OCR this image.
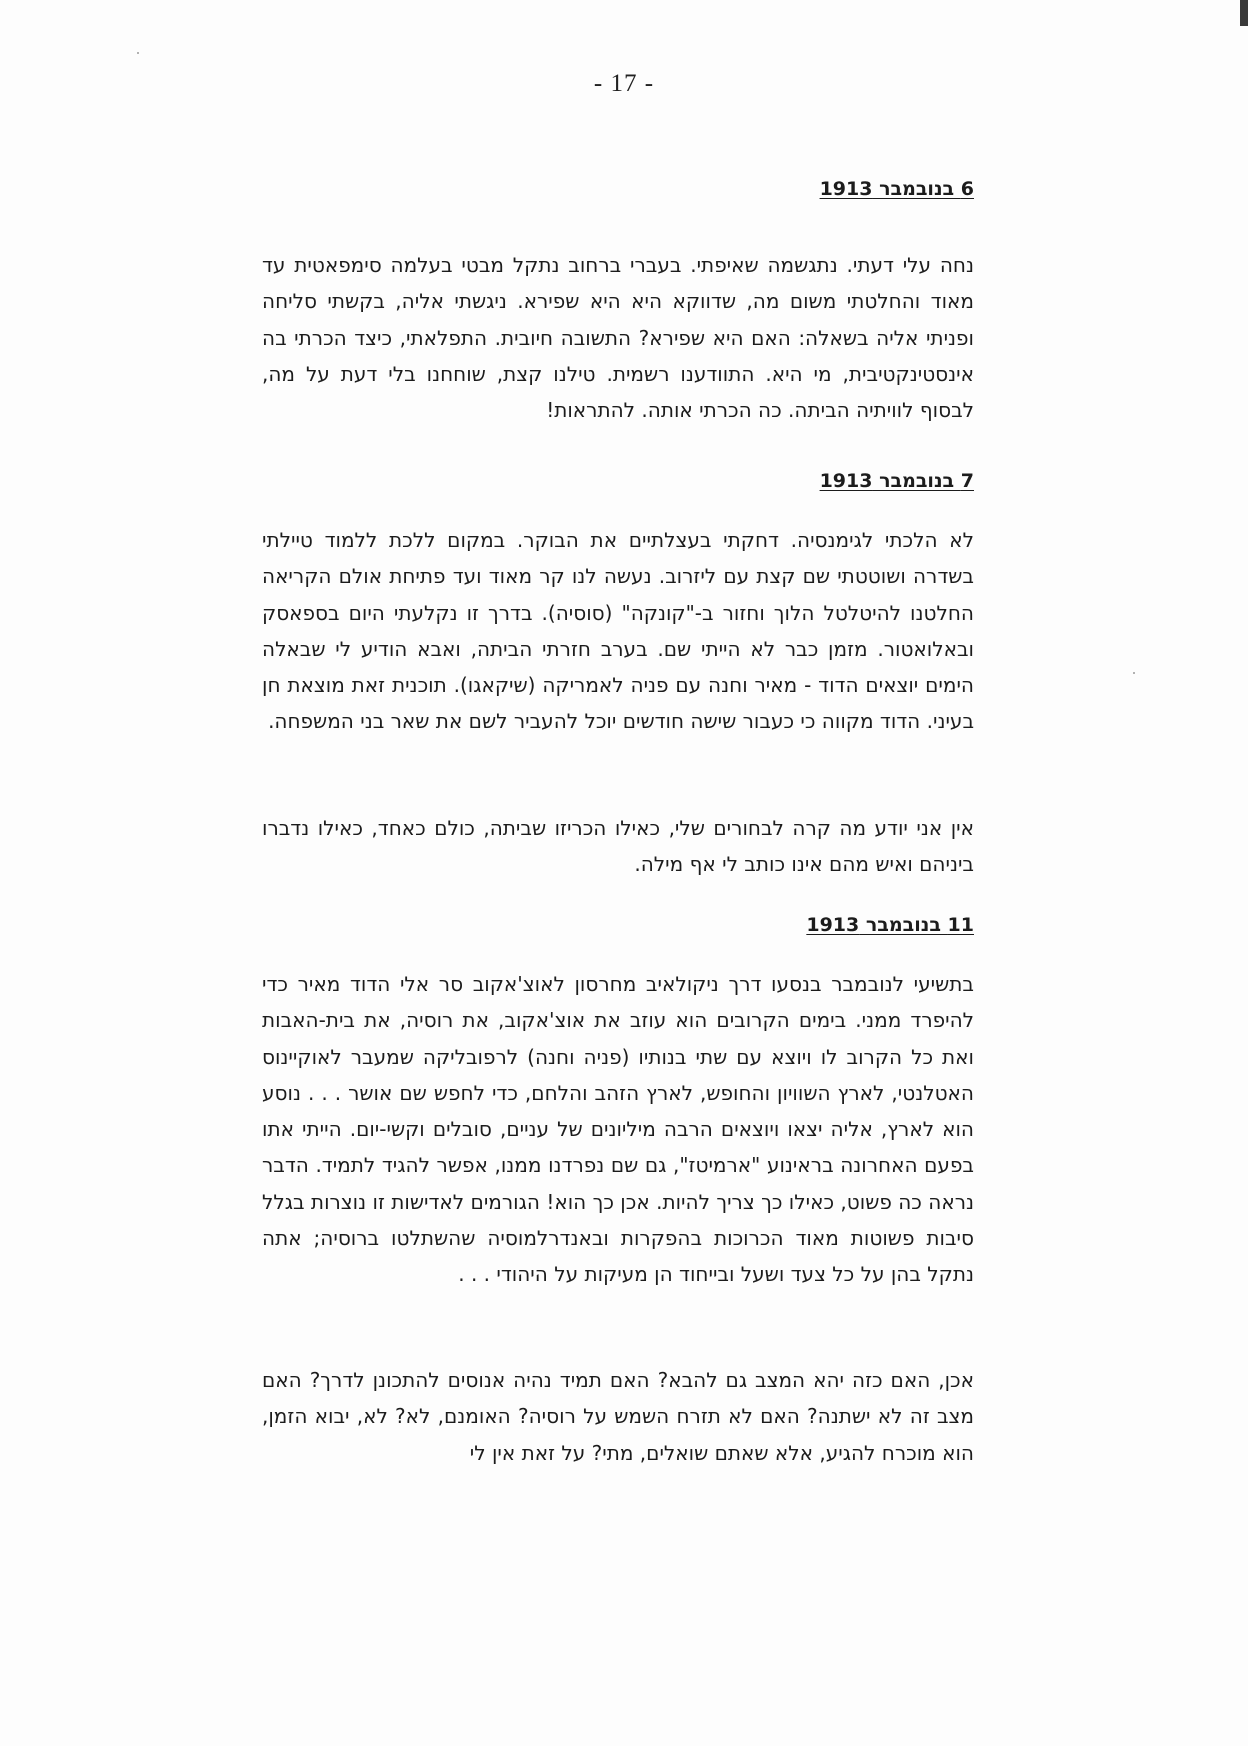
- 17 -

6 בנובמבר 1913

נחה עלי דעתי. נתגשמה שאיפתי. בעברי ברחוב נתקל מבטי בעלמה סימפאטית עד מאוד והחלטתי משום מה, שדווקא היא היא שפירא. ניגשתי אליה, בקשתי סליחה ופניתי אליה בשאלה: האם היא שפירא? התשובה חיובית. התפלאתי, כיצד הכרתי בה אינסטינקטיבית, מי היא. התוודענו רשמית. טילנו קצת, שוחחנו בלי דעת על מה, לבסוף לוויתיה הביתה. כה הכרתי אותה. להתראות!

7 בנובמבר 1913

לא הלכתי לגימנסיה. דחקתי בעצלתיים את הבוקר. במקום ללכת ללמוד טיילתי בשדרה ושוטטתי שם קצת עם ליזרוב. נעשה לנו קר מאוד ועד פתיחת אולם הקריאה החלטנו להיטלטל הלוך וחזור ב-"קונקה" (סוסיה). בדרך זו נקלעתי היום בספאסק ובאלואטור. מזמן כבר לא הייתי שם. בערב חזרתי הביתה, ואבא הודיע לי שבאלה הימים יוצאים הדוד - מאיר וחנה עם פניה לאמריקה (שיקאגו). תוכנית זאת מוצאת חן בעיני. הדוד מקווה כי כעבור שישה חודשים יוכל להעביר לשם את שאר בני המשפחה.

אין אני יודע מה קרה לבחורים שלי, כאילו הכריזו שביתה, כולם כאחד, כאילו נדברו ביניהם ואיש מהם אינו כותב לי אף מילה.

11 בנובמבר 1913

בתשיעי לנובמבר בנסעו דרך ניקולאיב מחרסון לאוצ'אקוב סר אלי הדוד מאיר כדי להיפרד ממני. בימים הקרובים הוא עוזב את אוצ'אקוב, את רוסיה, את בית-האבות ואת כל הקרוב לו ויוצא עם שתי בנותיו (פניה וחנה) לרפובליקה שמעבר לאוקיינוס האטלנטי, לארץ השוויון והחופש, לארץ הזהב והלחם, כדי לחפש שם אושר . . . נוסע הוא לארץ, אליה יצאו ויוצאים הרבה מיליונים של עניים, סובלים וקשי-יום. הייתי אתו בפעם האחרונה בראינוע "ארמיטז", גם שם נפרדנו ממנו, אפשר להגיד לתמיד. הדבר נראה כה פשוט, כאילו כך צריך להיות. אכן כך הוא! הגורמים לאדישות זו נוצרות בגלל סיבות פשוטות מאוד הכרוכות בהפקרות ובאנדרלמוסיה שהשתלטו ברוסיה; אתה נתקל בהן על כל צעד ושעל ובייחוד הן מעיקות על היהודי . . .

אכן, האם כזה יהא המצב גם להבא? האם תמיד נהיה אנוסים להתכונן לדרך? האם מצב זה לא ישתנה? האם לא תזרח השמש על רוסיה? האומנם, לא? לא, יבוא הזמן, הוא מוכרח להגיע, אלא שאתם שואלים, מתי? על זאת אין לי
